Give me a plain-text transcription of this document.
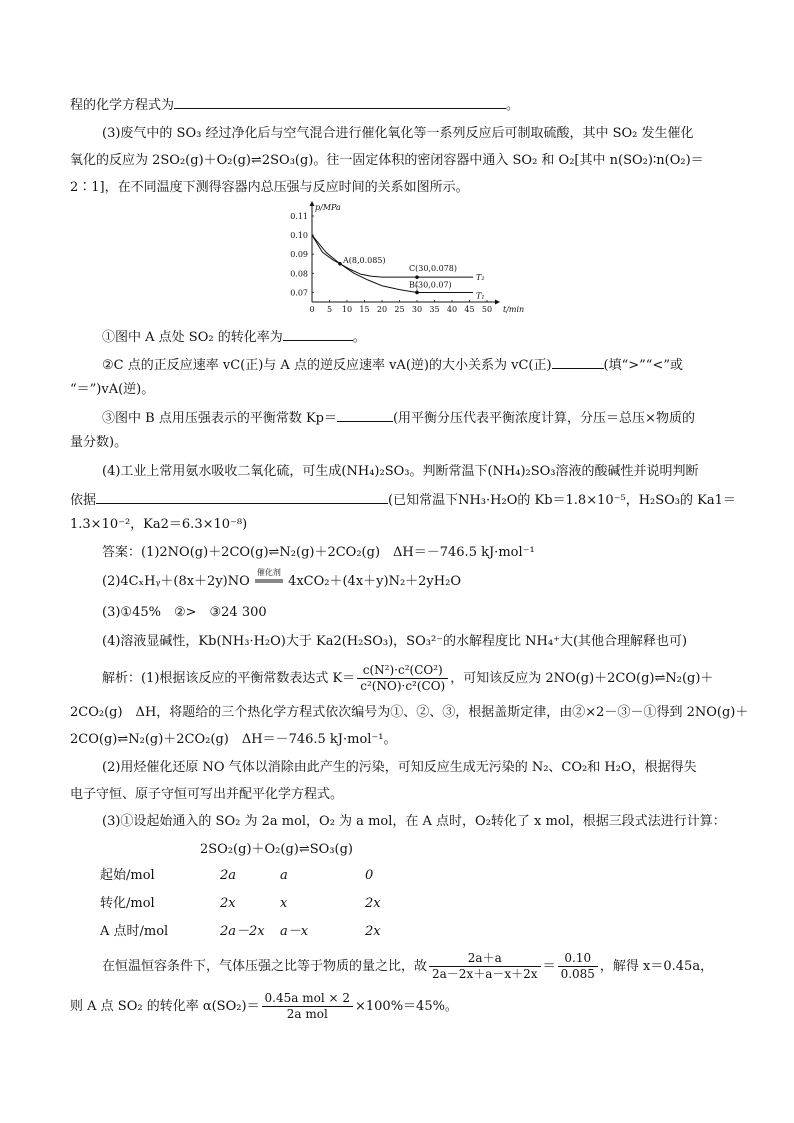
程的化学方程式为	。
(3)废气中的 SO₃ 经过净化后与空气混合进行催化氧化等一系列反应后可制取硫酸，其中 SO₂ 发生催化
氧化的反应为 2SO₂(g)＋O₂(g)⇌2SO₃(g)。往一固定体积的密闭容器中通入 SO₂ 和 O₂[其中 n(SO₂)∶n(O₂)＝
2∶1]，在不同温度下测得容器内总压强与反应时间的关系如图所示。
0 5 10 15 20 25 30 35 40 45 50
0.07
0.08
0.09
0.10
0.11
t/min
p/MPa
T₂
T₁
A(8,0.085)
C(30,0.078)
B(30,0.07)
①图中 A 点处 SO₂ 的转化率为	。
②C 点的正反应速率 vC(正)与 A 点的逆反应速率 vA(逆)的大小关系为 vC(正)	(填“>”“<”或
“＝”)vA(逆)。
③图中 B 点用压强表示的平衡常数 Kp＝	(用平衡分压代表平衡浓度计算，分压＝总压×物质的
量分数)。
(4)工业上常用氨水吸收二氧化硫，可生成(NH₄)₂SO₃。判断常温下(NH₄)₂SO₃溶液的酸碱性并说明判断
依据	(已知常温下NH₃·H₂O的 Kb＝1.8×10⁻⁵，H₂SO₃的 Ka1＝
1.3×10⁻²，Ka2＝6.3×10⁻⁸)
答案：(1)2NO(g)＋2CO(g)⇌N₂(g)＋2CO₂(g)　ΔH＝－746.5 kJ·mol⁻¹
(2)4CₓHᵧ＋(8x＋2y)NO
催化剂
4xCO₂＋(4x＋y)N₂＋2yH₂O
(3)①45%　②>　③24 300
(4)溶液显碱性，Kb(NH₃·H₂O)大于 Ka2(H₂SO₃)，SO₃²⁻的水解程度比 NH₄⁺大(其他合理解释也可)
解析：(1)根据该反应的平衡常数表达式 $K= \frac{\text{c(N²)·c²(CO²)}}{\text{c²(NO)·c²(CO)}}$ ，可知该反应为 2NO(g)＋2CO(g)⇌N₂(g)＋
2CO₂(g)　ΔH，将题给的三个热化学方程式依次编号为①、②、③，根据盖斯定律，由②×2－③－①得到 2NO(g)＋
2CO(g)⇌N₂(g)＋2CO₂(g)　ΔH＝－746.5 kJ·mol⁻¹。
(2)用烃催化还原 NO 气体以消除由此产生的污染，可知反应生成无污染的 N₂、CO₂和 H₂O，根据得失
电子守恒、原子守恒可写出并配平化学方程式。
(3)①设起始通入的 SO₂ 为 2a mol，O₂ 为 a mol，在 A 点时，O₂转化了 x mol，根据三段式法进行计算：
2SO₂(g)＋O₂(g)⇌SO₃(g)
起始/mol	2a	a	0
转化/mol	2x	x	2x
A 点时/mol	2a－2x a－x	2x
在恒温恒容条件下，气体压强之比等于物质的量之比，故 $\frac{2a+a}{2a-2x+a-x+2x} = \frac{0.10}{0.085}$ ，解得 x＝0.45a，
则 A 点 SO₂ 的转化率 $\alpha(SO_2)= \frac{\text{0.45a mol × 2}}{\text{2a mol}} \times 100\%=45\%$。
